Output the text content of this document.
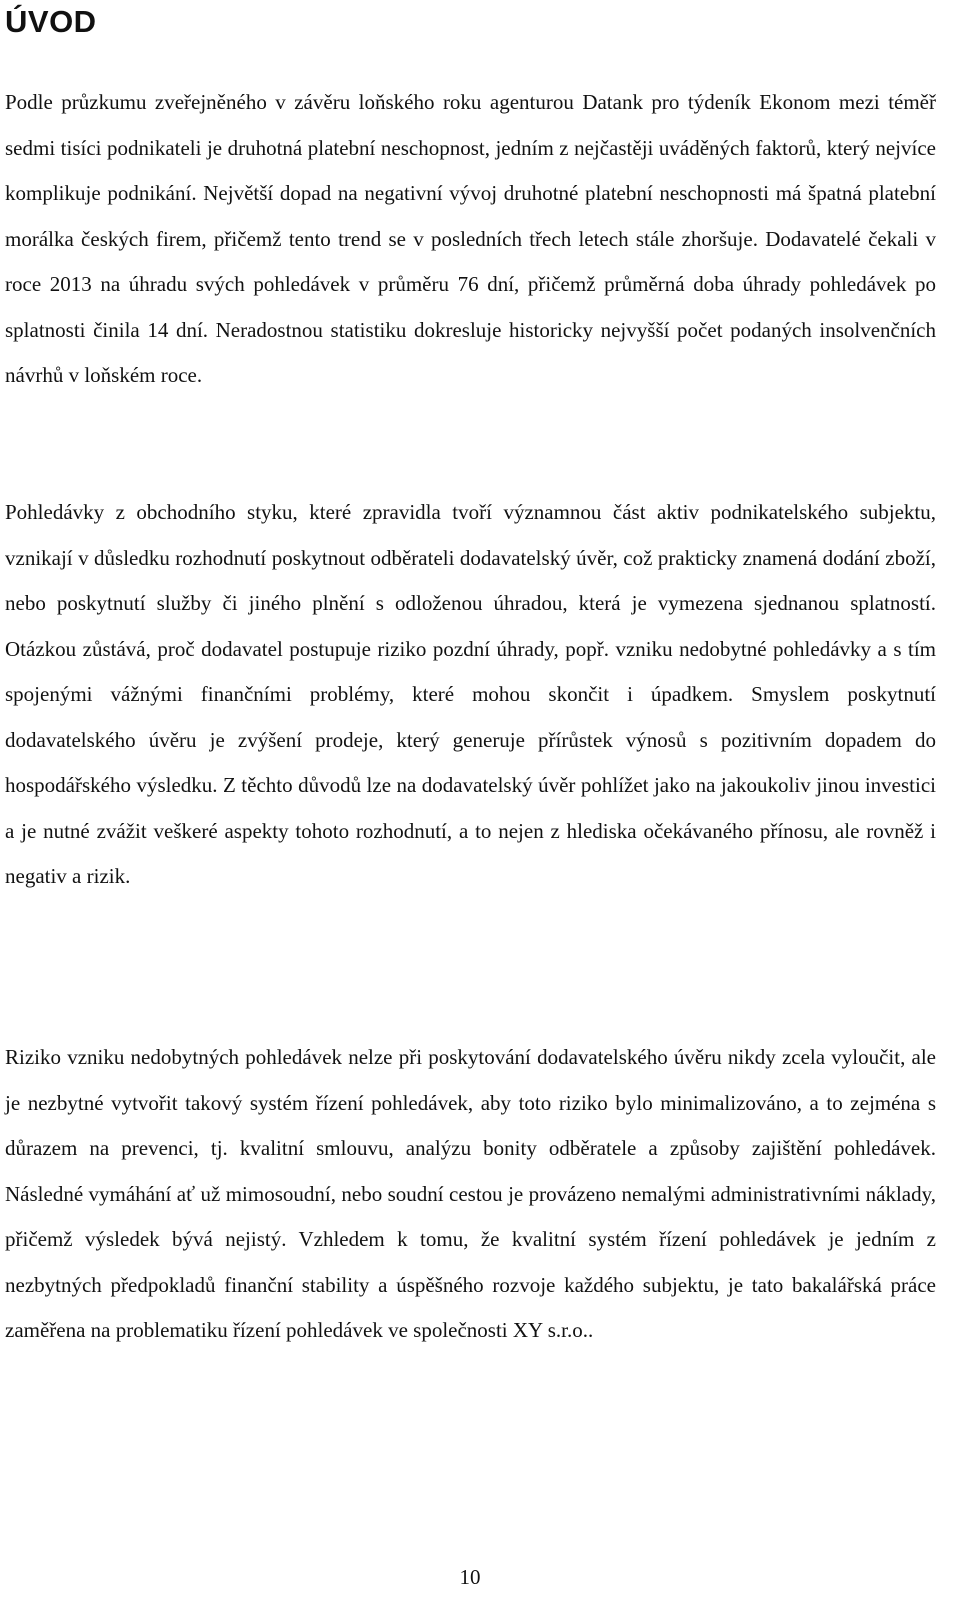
ÚVOD

Podle průzkumu zveřejněného v závěru loňského roku agenturou Datank pro týdeník Ekonom mezi téměř sedmi tisíci podnikateli je druhotná platební neschopnost, jedním z nejčastěji uváděných faktorů, který nejvíce komplikuje podnikání. Největší dopad na negativní vývoj druhotné platební neschopnosti má špatná platební morálka českých firem, přičemž tento trend se v posledních třech letech stále zhoršuje. Dodavatelé čekali v roce 2013 na úhradu svých pohledávek v průměru 76 dní, přičemž průměrná doba úhrady pohledávek po splatnosti činila 14 dní. Neradostnou statistiku dokresluje historicky nejvyšší počet podaných insolvenčních návrhů v loňském roce.

Pohledávky z obchodního styku, které zpravidla tvoří významnou část aktiv podnikatelského subjektu, vznikají v důsledku rozhodnutí poskytnout odběrateli dodavatelský úvěr, což prakticky znamená dodání zboží, nebo poskytnutí služby či jiného plnění s odloženou úhradou, která je vymezena sjednanou splatností. Otázkou zůstává, proč dodavatel postupuje riziko pozdní úhrady, popř. vzniku nedobytné pohledávky a s tím spojenými vážnými finančními problémy, které mohou skončit i úpadkem. Smyslem poskytnutí dodavatelského úvěru je zvýšení prodeje, který generuje přírůstek výnosů s pozitivním dopadem do hospodářského výsledku. Z těchto důvodů lze na dodavatelský úvěr pohlížet jako na jakoukoliv jinou investici a je nutné zvážit veškeré aspekty tohoto rozhodnutí, a to nejen z hlediska očekávaného přínosu, ale rovněž i negativ a rizik.

Riziko vzniku nedobytných pohledávek nelze při poskytování dodavatelského úvěru nikdy zcela vyloučit, ale je nezbytné vytvořit takový systém řízení pohledávek, aby toto riziko bylo minimalizováno, a to zejména s důrazem na prevenci, tj. kvalitní smlouvu, analýzu bonity odběratele a způsoby zajištění pohledávek. Následné vymáhání ať už mimosoudní, nebo soudní cestou je provázeno nemalými administrativními náklady, přičemž výsledek bývá nejistý. Vzhledem k tomu, že kvalitní systém řízení pohledávek je jedním z nezbytných předpokladů finanční stability a úspěšného rozvoje každého subjektu, je tato bakalářská práce zaměřena na problematiku řízení pohledávek ve společnosti XY s.r.o..

10
